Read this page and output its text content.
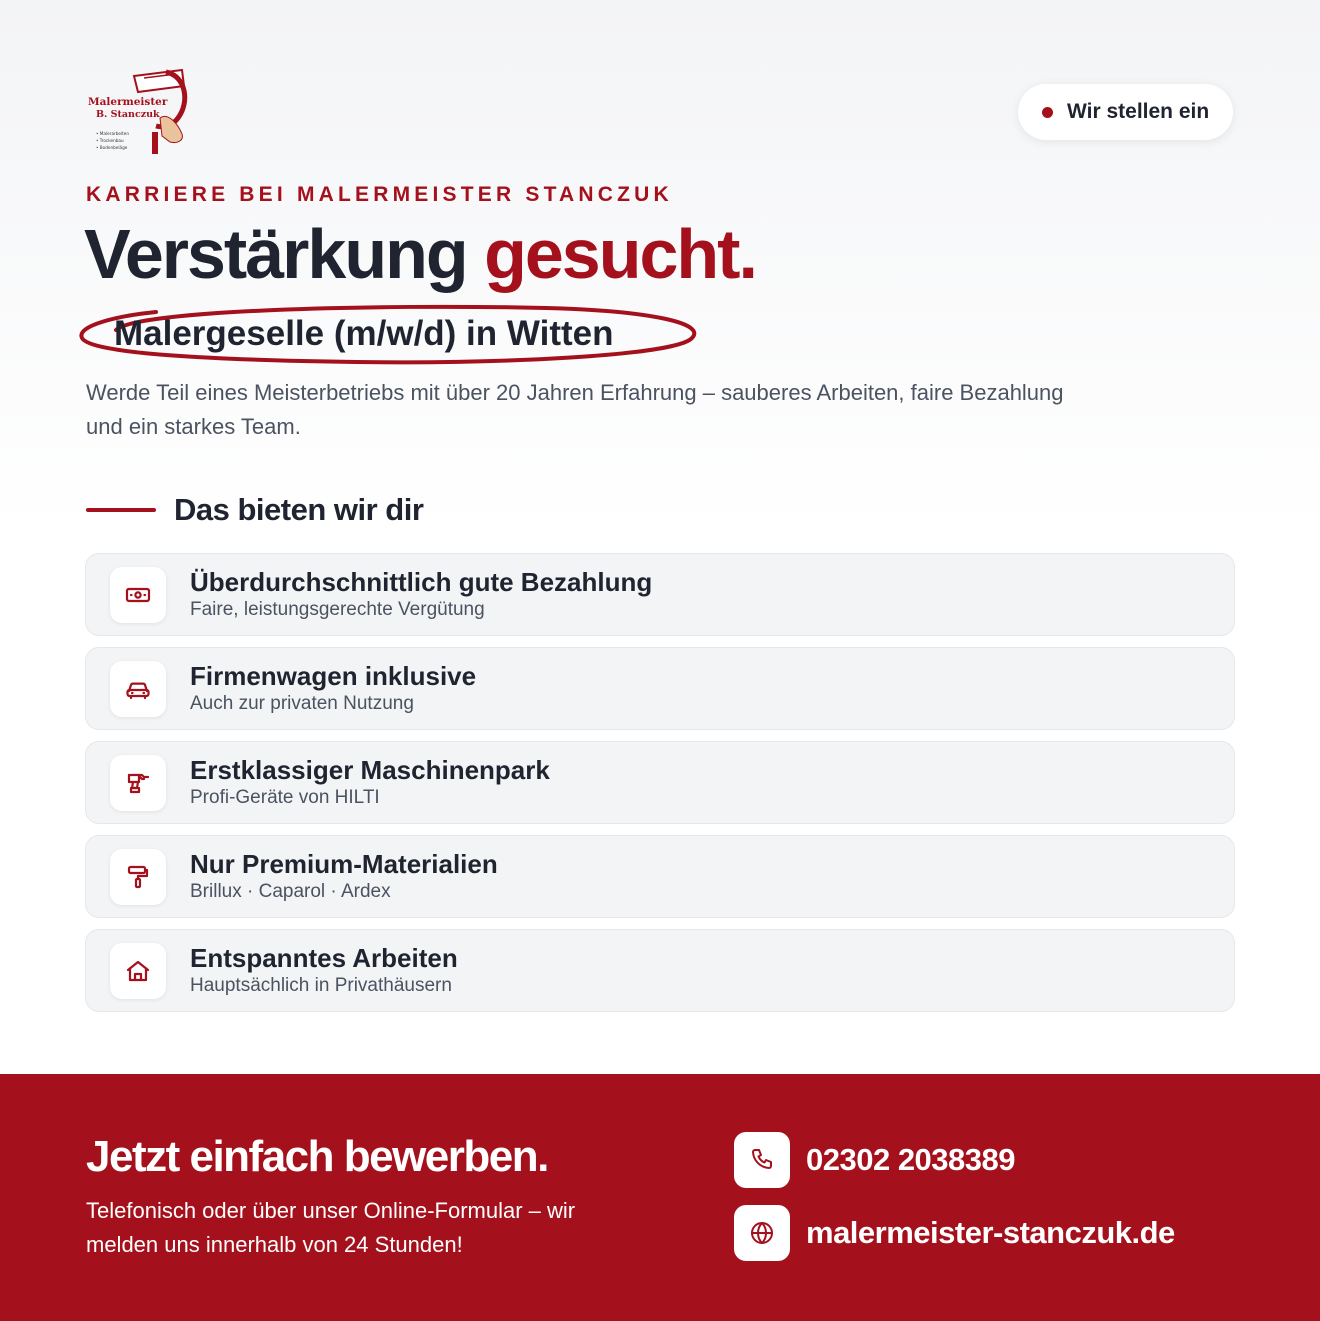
Malermeister
B. Stanczuk
• Malerarbeiten
• Trockenbau
• Bodenbeläge
Wir stellen ein
KARRIERE BEI MALERMEISTER STANCZUK
Verstärkung gesucht.
Malergeselle (m/w/d) in Witten

Werde Teil eines Meisterbetriebs mit über 20 Jahren Erfahrung – sauberes Arbeiten, faire Bezahlung und ein starkes Team.

Das bieten wir dir
Überdurchschnittlich gute Bezahlung
Faire, leistungsgerechte Vergütung
Firmenwagen inklusive
Auch zur privaten Nutzung
Erstklassiger Maschinenpark
Profi-Geräte von HILTI
Nur Premium-Materialien
Brillux · Caparol · Ardex
Entspanntes Arbeiten
Hauptsächlich in Privathäusern
Jetzt einfach bewerben.

Telefonisch oder über unser Online-Formular – wir melden uns innerhalb von 24 Stunden!

02302 2038389
malermeister-stanczuk.de
